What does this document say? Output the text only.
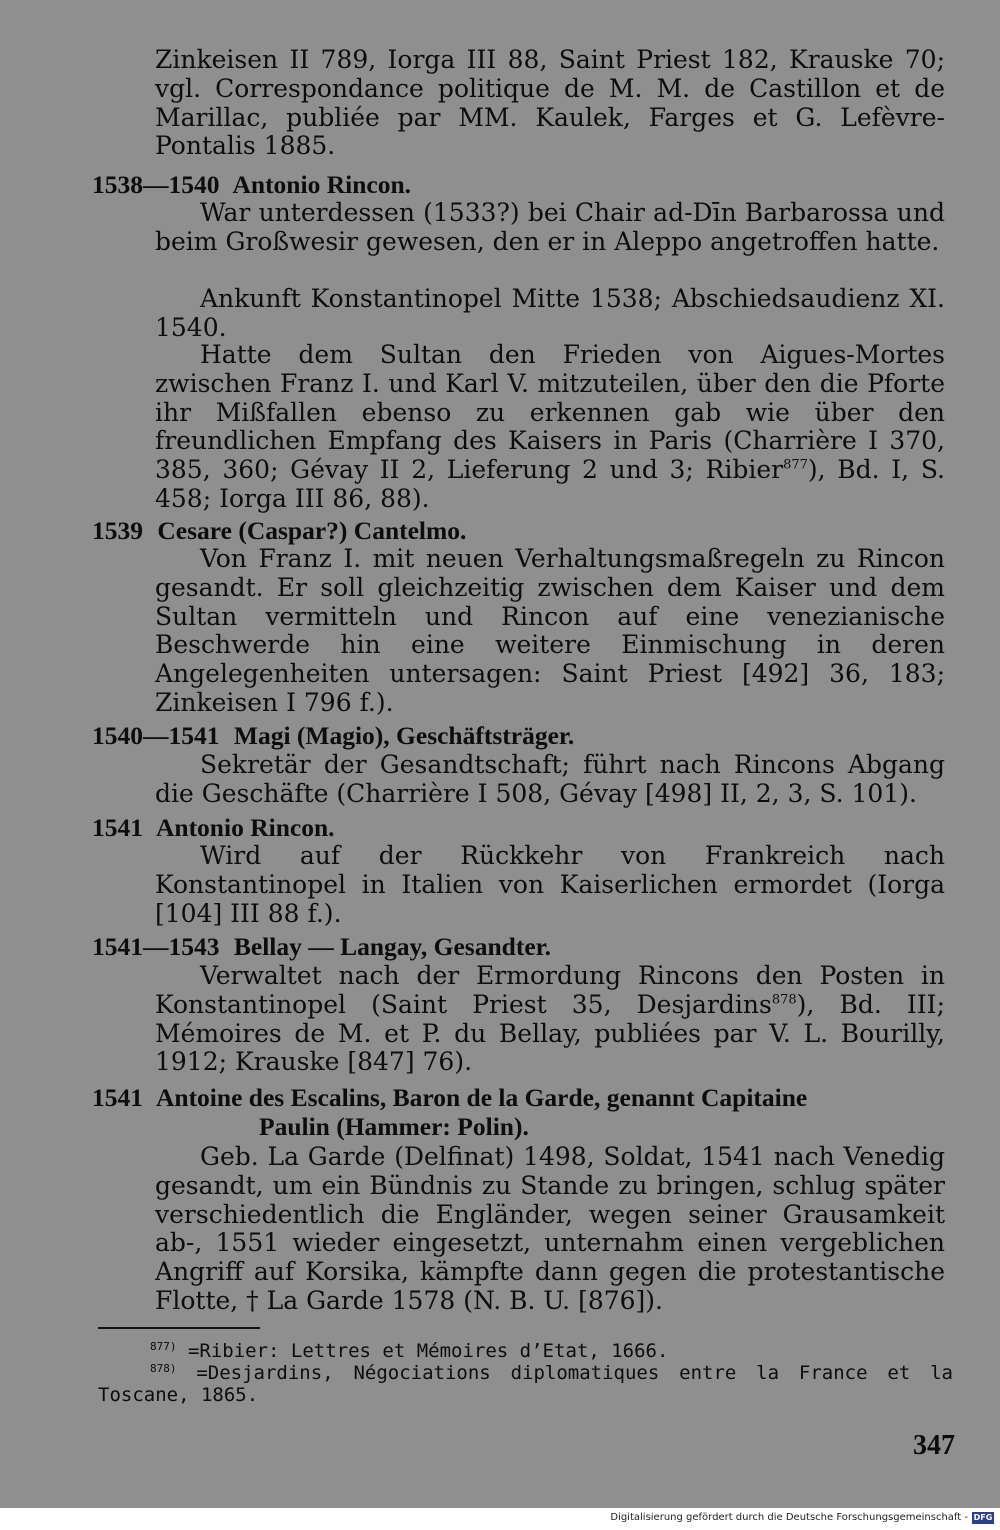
Zinkeisen II 789, Iorga III 88, Saint Priest 182, Krauske 70; vgl. Correspondance politique de M. M. de Castillon et de Marillac, publiée par MM. Kaulek, Farges et G. Lefèvre-Pontalis 1885.

1538—1540 Antonio Rincon.

War unterdessen (1533?) bei Chair ad-Dīn Barbarossa und beim Großwesir gewesen, den er in Aleppo angetroffen hatte.

Ankunft Konstantinopel Mitte 1538; Abschiedsaudienz XI. 1540.

Hatte dem Sultan den Frieden von Aigues-Mortes zwischen Franz I. und Karl V. mitzuteilen, über den die Pforte ihr Mißfallen ebenso zu erkennen gab wie über den freundlichen Empfang des Kaisers in Paris (Charrière I 370, 385, 360; Gévay II 2, Lieferung 2 und 3; Ribier$^{877}$), Bd. I, S. 458; Iorga III 86, 88).

1539 Cesare (Caspar?) Cantelmo.

Von Franz I. mit neuen Verhaltungsmaßregeln zu Rincon gesandt. Er soll gleichzeitig zwischen dem Kaiser und dem Sultan vermitteln und Rincon auf eine venezianische Beschwerde hin eine weitere Einmischung in deren Angelegenheiten untersagen: Saint Priest [492] 36, 183; Zinkeisen I 796 f.).

1540—1541 Magi (Magio), Geschäftsträger.

Sekretär der Gesandtschaft; führt nach Rincons Abgang die Geschäfte (Charrière I 508, Gévay [498] II, 2, 3, S. 101).

1541 Antonio Rincon.

Wird auf der Rückkehr von Frankreich nach Konstantinopel in Italien von Kaiserlichen ermordet (Iorga [104] III 88 f.).

1541—1543 Bellay — Langay, Gesandter.

Verwaltet nach der Ermordung Rincons den Posten in Konstantinopel (Saint Priest 35, Desjardins$^{878}$), Bd. III; Mémoires de M. et P. du Bellay, publiées par V. L. Bourilly, 1912; Krauske [847] 76).

1541 Antoine des Escalins, Baron de la Garde, genannt Capitaine
Paulin (Hammer: Polin).

Geb. La Garde (Delfinat) 1498, Soldat, 1541 nach Venedig gesandt, um ein Bündnis zu Stande zu bringen, schlug später verschiedentlich die Engländer, wegen seiner Grausamkeit ab-, 1551 wieder eingesetzt, unternahm einen vergeblichen Angriff auf Korsika, kämpfte dann gegen die protestantische Flotte, † La Garde 1578 (N. B. U. [876]).

$^{877)}$ =Ribier: Lettres et Mémoires d’Etat, 1666.
$^{878)}$ =Desjardins, Négociations diplomatiques entre la France et la Toscane, 1865.
347
Digitalisierung gefördert durch die Deutsche Forschungsgemeinschaft - DFG
